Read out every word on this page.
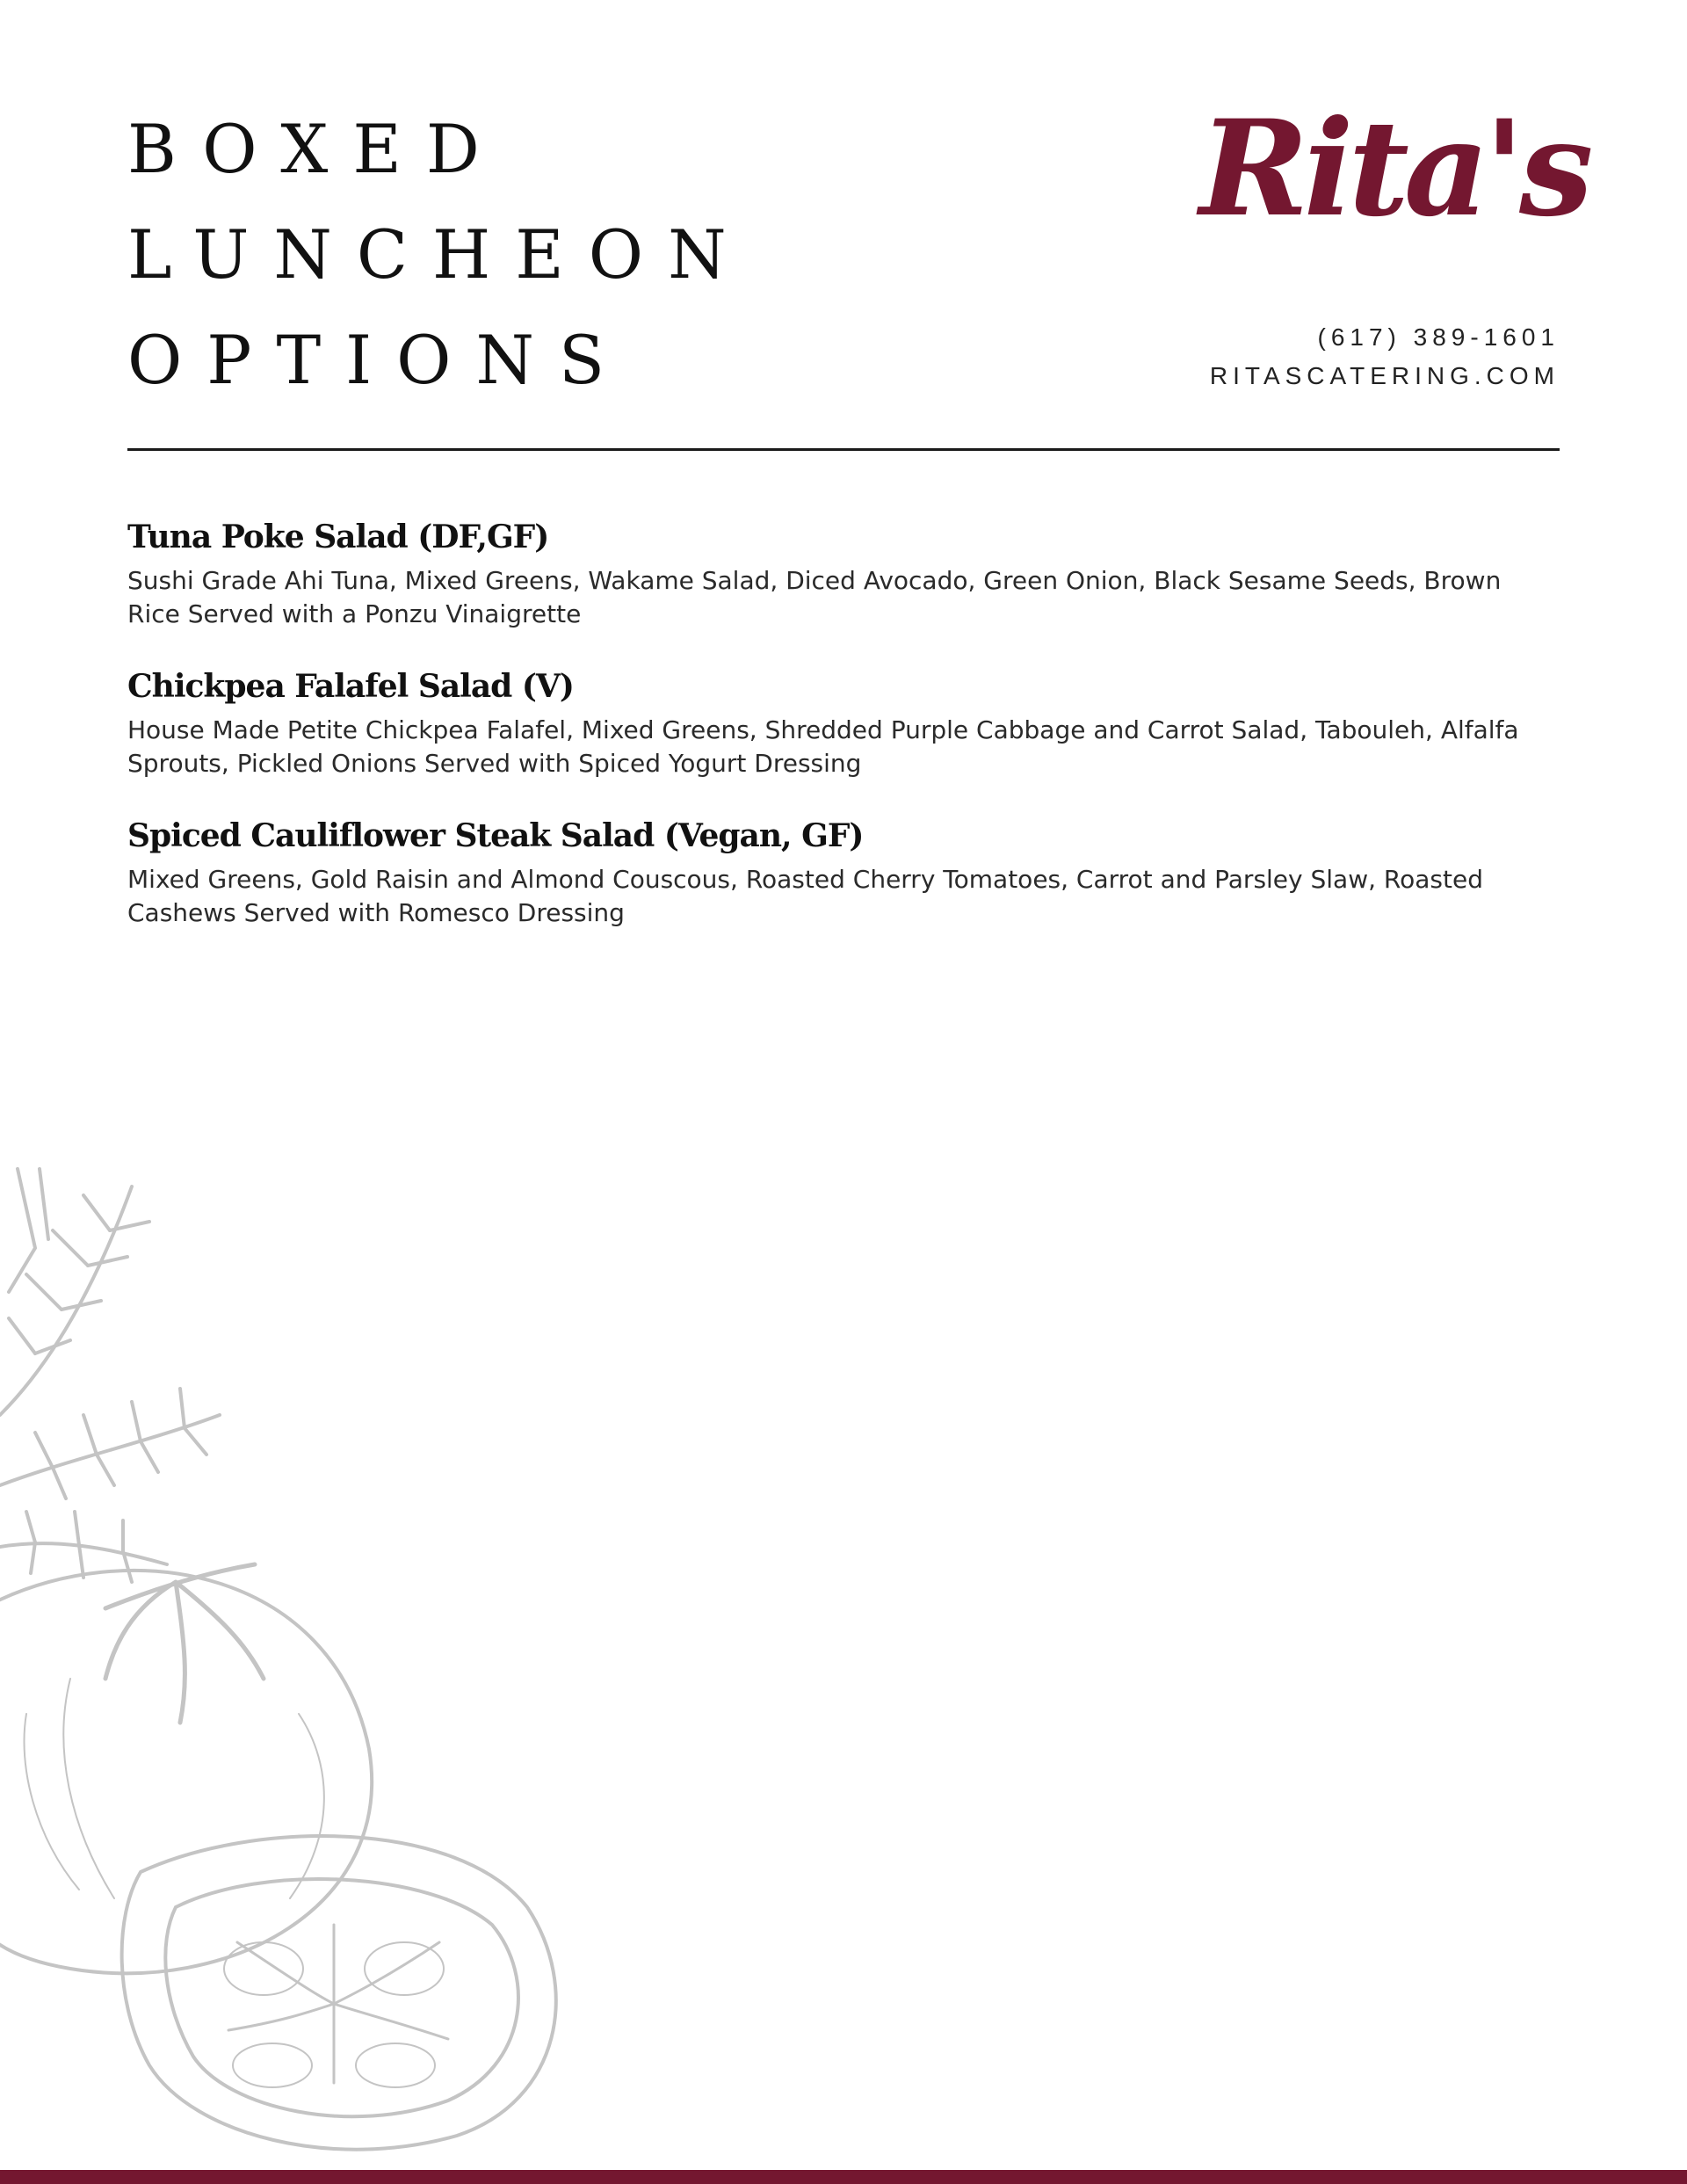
BOXED
LUNCHEON
OPTIONS
Rita's
(617) 389-1601
RITASCATERING.COM
Tuna Poke Salad (DF,GF)

Sushi Grade Ahi Tuna, Mixed Greens, Wakame Salad, Diced Avocado, Green Onion, Black Sesame Seeds, Brown Rice Served with a Ponzu Vinaigrette

Chickpea Falafel Salad (V)

House Made Petite Chickpea Falafel, Mixed Greens, Shredded Purple Cabbage and Carrot Salad, Tabouleh, Alfalfa Sprouts, Pickled Onions Served with Spiced Yogurt Dressing

Spiced Cauliflower Steak Salad (Vegan, GF)

Mixed Greens, Gold Raisin and Almond Couscous, Roasted Cherry Tomatoes, Carrot and Parsley Slaw, Roasted Cashews Served with Romesco Dressing
